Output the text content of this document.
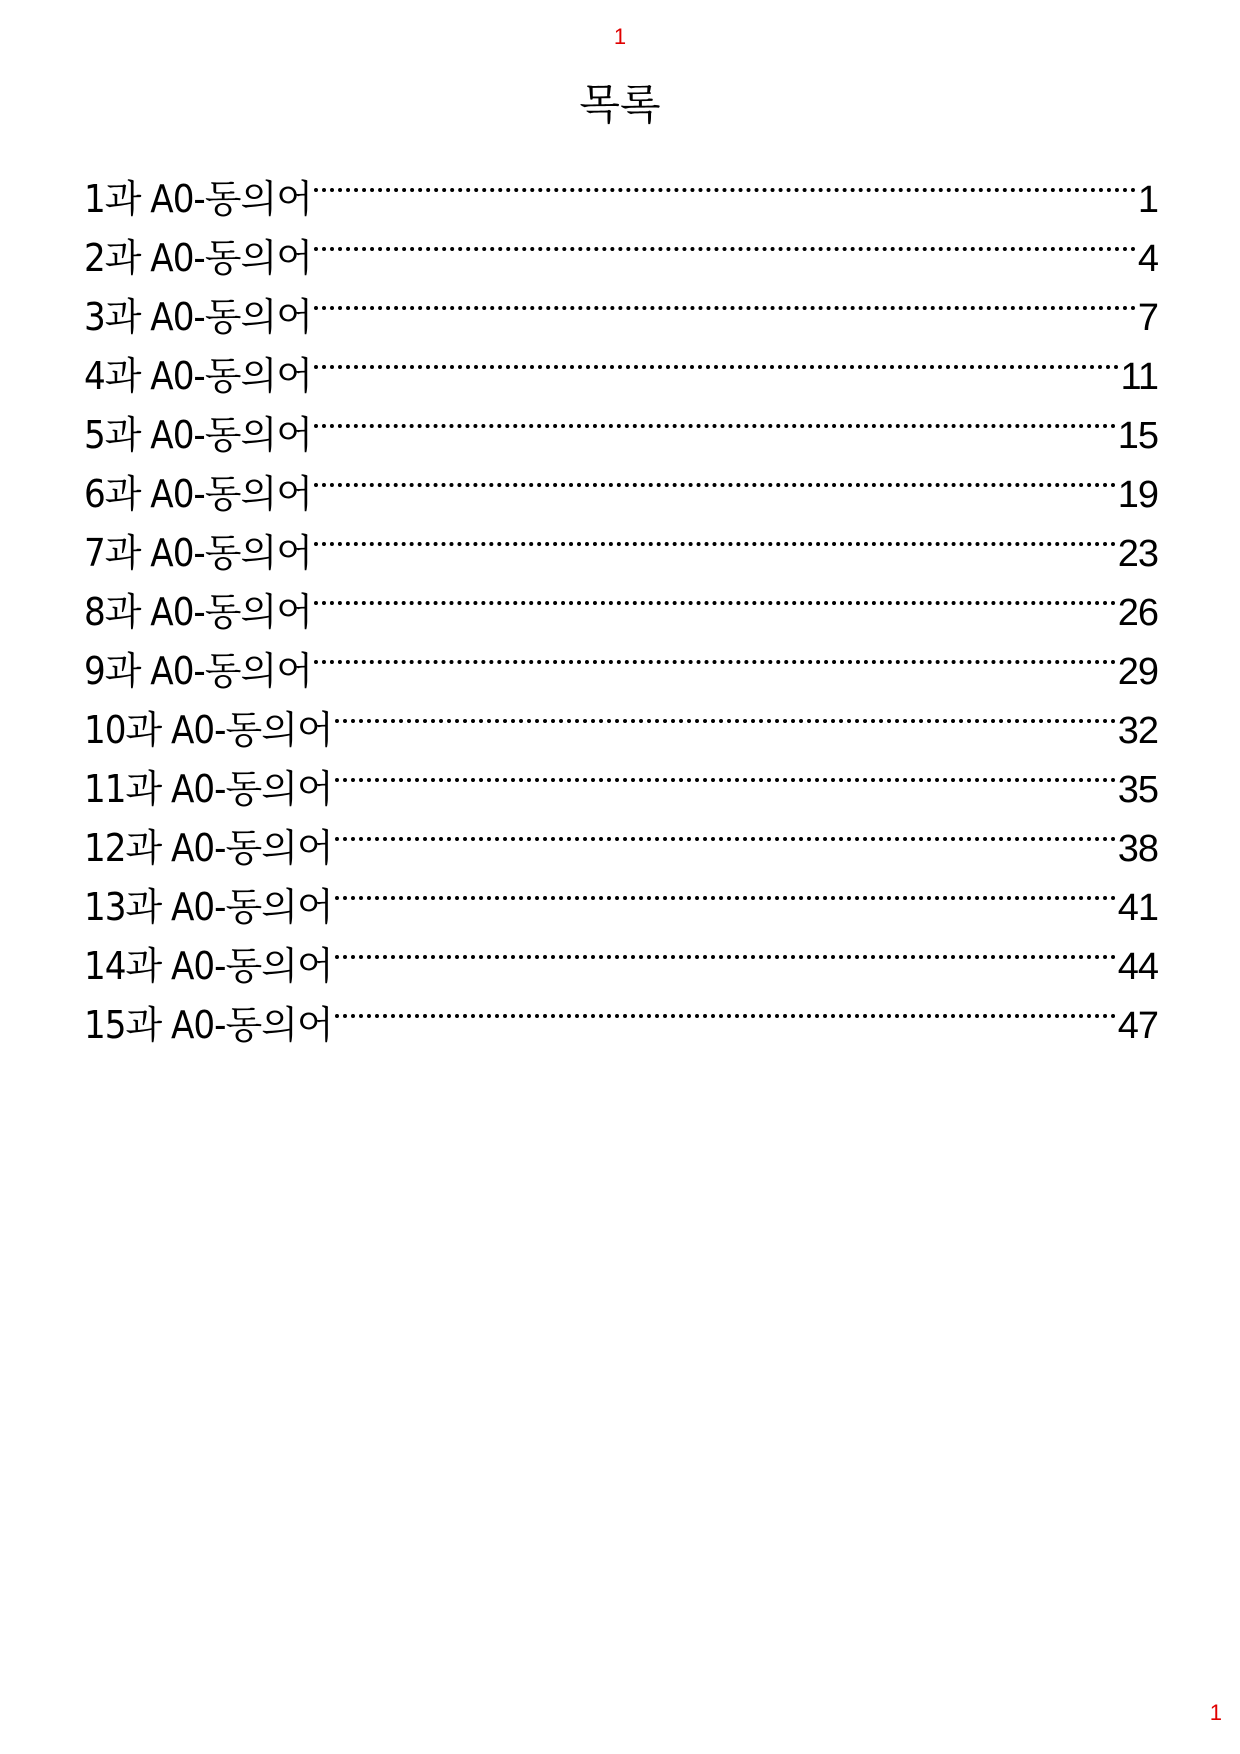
1
목록
1과 A0-동의어	1
2과 A0-동의어	4
3과 A0-동의어	7
4과 A0-동의어	11
5과 A0-동의어	15
6과 A0-동의어	19
7과 A0-동의어	23
8과 A0-동의어	26
9과 A0-동의어	29
10과 A0-동의어	32
11과 A0-동의어	35
12과 A0-동의어	38
13과 A0-동의어	41
14과 A0-동의어	44
15과 A0-동의어	47
1
